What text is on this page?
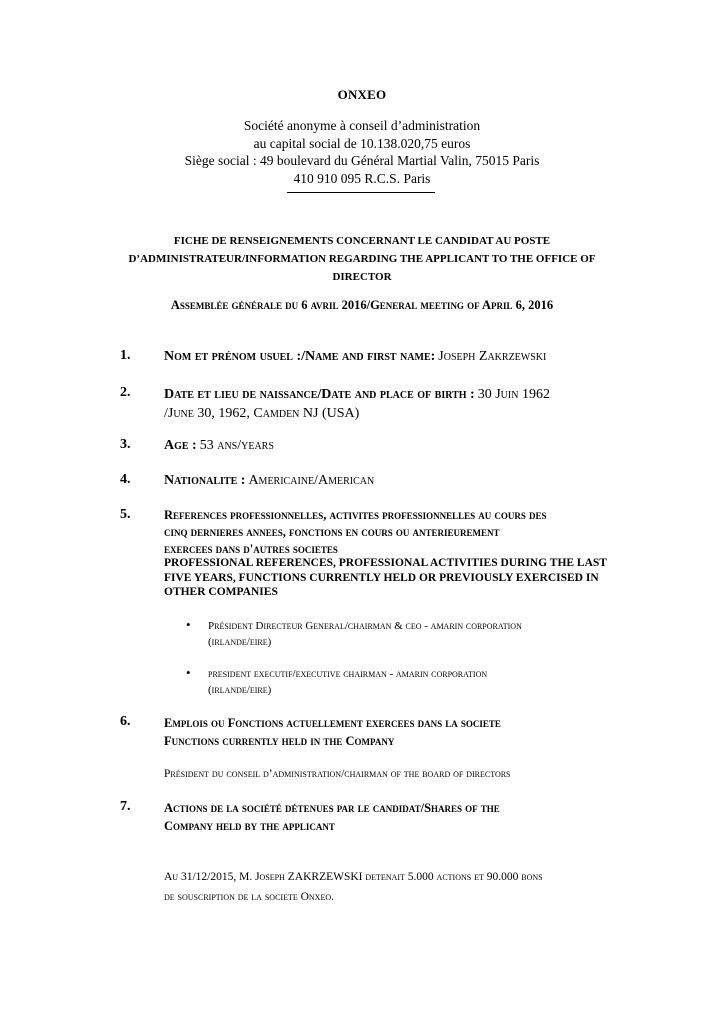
ONXEO
Société anonyme à conseil d’administration
au capital social de 10.138.020,75 euros
Siège social : 49 boulevard du Général Martial Valin, 75015 Paris
410 910 095 R.C.S. Paris
FICHE DE RENSEIGNEMENTS CONCERNANT LE CANDIDAT AU POSTE
D’ADMINISTRATEUR/INFORMATION REGARDING THE APPLICANT TO THE OFFICE OF
DIRECTOR
Assemblée générale du 6 avril 2016/General meeting of April 6, 2016
1. Nom et prénom usuel :/Name and first name: Joseph Zakrzewski
2. Date et lieu de naissance/Date and place of birth : 30 Juin 1962
/June 30, 1962, Camden NJ (USA)
3. Age : 53 ans/years
4. Nationalite : Americaine/American
5.	References professionnelles, activites professionnelles au cours des
cinq dernieres annees, fonctions en cours ou anterieurement
exercees dans d'autres societes
PROFESSIONAL REFERENCES, PROFESSIONAL ACTIVITIES DURING THE LAST
FIVE YEARS, FUNCTIONS CURRENTLY HELD OR PREVIOUSLY EXERCISED IN
OTHER COMPANIES
• Président Directeur General/chairman & ceo - amarin corporation
(irlande/eire)
• president executif/executive chairman - amarin corporation
(irlande/eire)
6.	Emplois ou Fonctions actuellement exercees dans la societe
Functions currently held in the Company
Président du conseil d’administration/chairman of the board of directors
7.	Actions de la société détenues par le candidat/Shares of the
Company held by the applicant
Au 31/12/2015, M. Joseph ZAKRZEWSKI detenait 5.000 actions et 90.000 bons
de souscription de la societe Onxeo.
